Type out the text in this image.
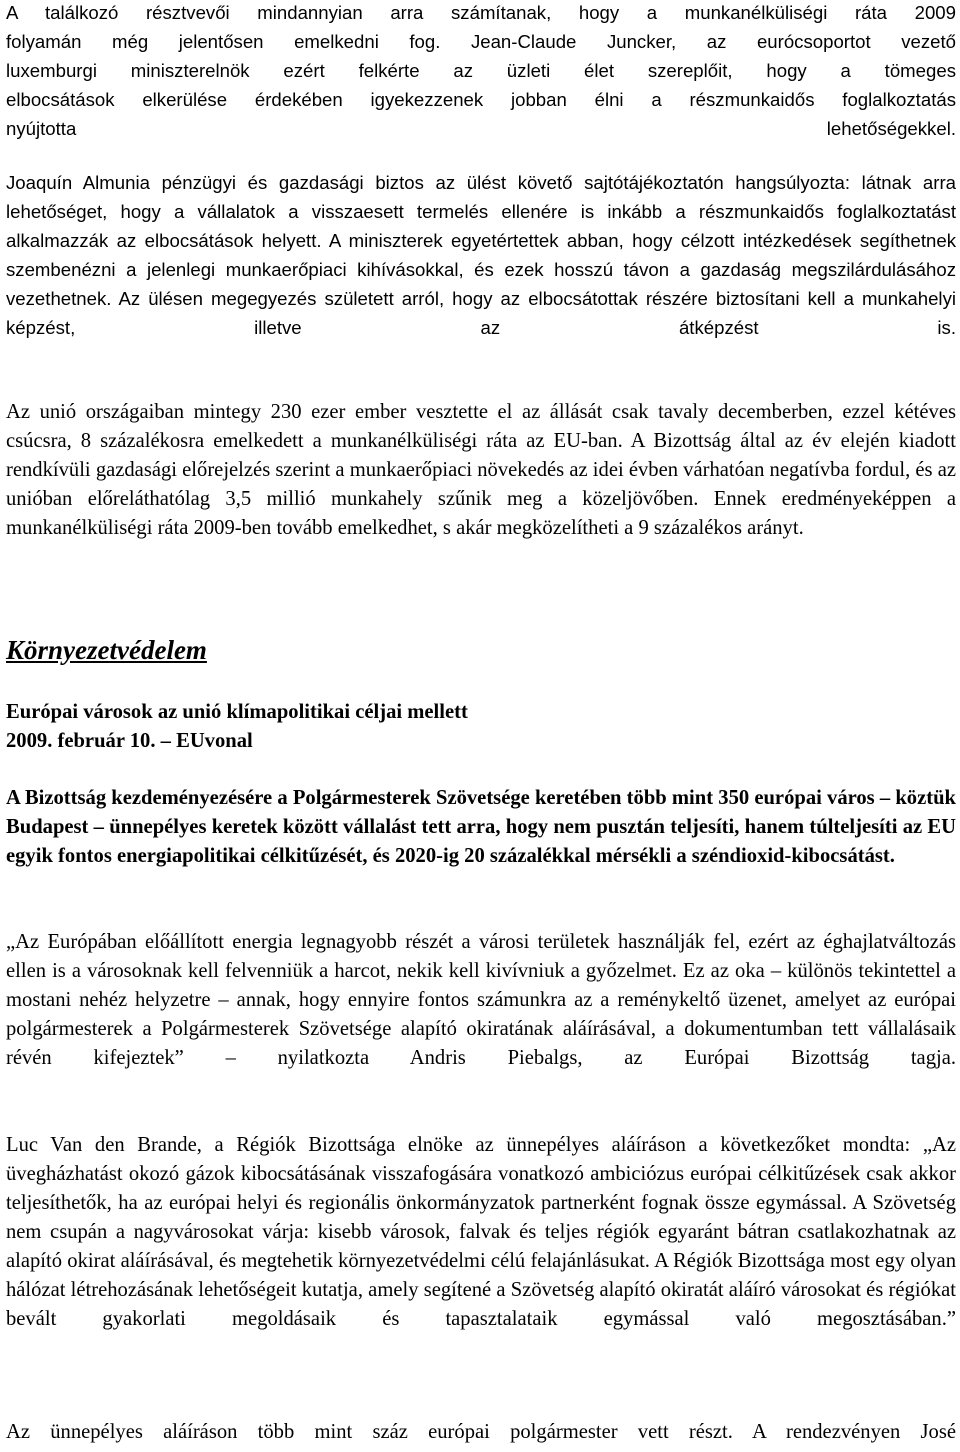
A találkozó résztvevői mindannyian arra számítanak, hogy a munkanélküliségi ráta 2009
folyamán még jelentősen emelkedni fog. Jean-Claude Juncker, az eurócsoportot vezető
luxemburgi miniszterelnök ezért felkérte az üzleti élet szereplőit, hogy a tömeges
elbocsátások elkerülése érdekében igyekezzenek jobban élni a részmunkaidős foglalkoztatás
nyújtotta lehetőségekkel.

Joaquín Almunia pénzügyi és gazdasági biztos az ülést követő sajtótájékoztatón hangsúlyozta: látnak arra lehetőséget, hogy a vállalatok a visszaesett termelés ellenére is inkább a részmunkaidős foglalkoztatást alkalmazzák az elbocsátások helyett. A miniszterek egyetértettek abban, hogy célzott intézkedések segíthetnek szembenézni a jelenlegi munkaerőpiaci kihívásokkal, és ezek hosszú távon a gazdaság megszilárdulásához vezethetnek. Az ülésen megegyezés született arról, hogy az elbocsátottak részére biztosítani kell a munkahelyi képzést, illetve az átképzést is.

Az unió országaiban mintegy 230 ezer ember vesztette el az állását csak tavaly decemberben, ezzel kétéves csúcsra, 8 százalékosra emelkedett a munkanélküliségi ráta az EU-ban. A Bizottság által az év elején kiadott rendkívüli gazdasági előrejelzés szerint a munkaerőpiaci növekedés az idei évben várhatóan negatívba fordul, és az unióban előreláthatólag 3,5 millió munkahely szűnik meg a közeljövőben. Ennek eredményeképpen a munkanélküliségi ráta 2009-ben tovább emelkedhet, s akár megközelítheti a 9 százalékos arányt.

Környezetvédelem
Európai városok az unió klímapolitikai céljai mellett
2009. február 10. – EUvonal

A Bizottság kezdeményezésére a Polgármesterek Szövetsége keretében több mint 350 európai város – köztük Budapest – ünnepélyes keretek között vállalást tett arra, hogy nem pusztán teljesíti, hanem túlteljesíti az EU egyik fontos energiapolitikai célkitűzését, és 2020-ig 20 százalékkal mérsékli a széndioxid-kibocsátást.

„Az Európában előállított energia legnagyobb részét a városi területek használják fel, ezért az éghajlatváltozás ellen is a városoknak kell felvenniük a harcot, nekik kell kivívniuk a győzelmet. Ez az oka – különös tekintettel a mostani nehéz helyzetre – annak, hogy ennyire fontos számunkra az a reménykeltő üzenet, amelyet az európai polgármesterek a Polgármesterek Szövetsége alapító okiratának aláírásával, a dokumentumban tett vállalásaik révén kifejeztek” – nyilatkozta Andris Piebalgs, az Európai Bizottság tagja.

Luc Van den Brande, a Régiók Bizottsága elnöke az ünnepélyes aláíráson a következőket mondta: „Az üvegházhatást okozó gázok kibocsátásának visszafogására vonatkozó ambiciózus európai célkitűzések csak akkor teljesíthetők, ha az európai helyi és regionális önkormányzatok partnerként fognak össze egymással. A Szövetség nem csupán a nagyvárosokat várja: kisebb városok, falvak és teljes régiók egyaránt bátran csatlakozhatnak az alapító okirat aláírásával, és megtehetik környezetvédelmi célú felajánlásukat. A Régiók Bizottsága most egy olyan hálózat létrehozásának lehetőségeit kutatja, amely segítené a Szövetség alapító okiratát aláíró városokat és régiókat bevált gyakorlati megoldásaik és tapasztalataik egymással való megosztásában.”

Az ünnepélyes aláíráson több mint száz európai polgármester vett részt. A rendezvényen José
